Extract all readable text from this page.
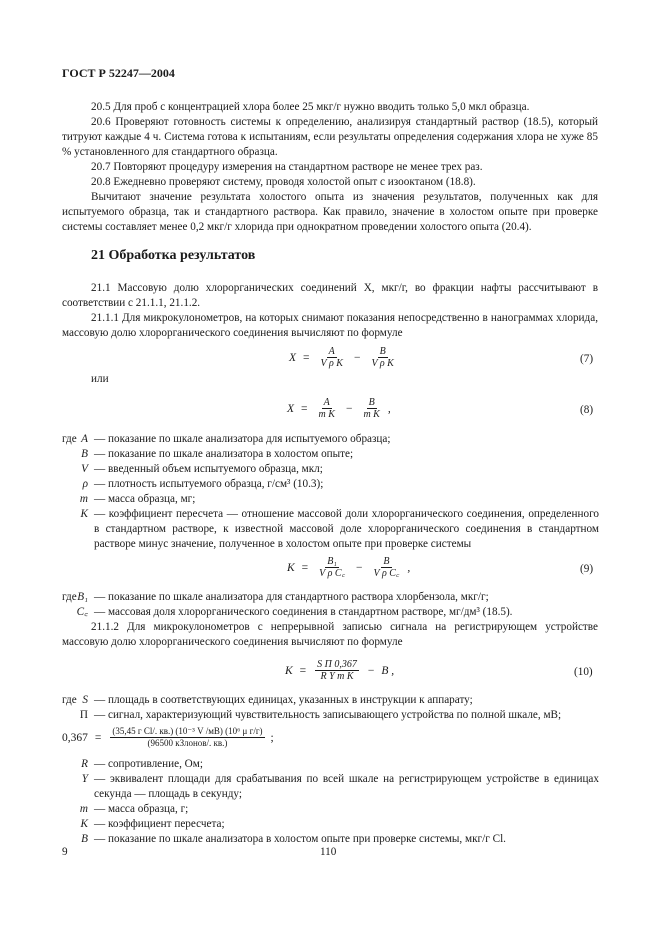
ГОСТ Р 52247—2004
20.5 Для проб с концентрацией хлора более 25 мкг/г нужно вводить только 5,0 мкл образца.
20.6 Проверяют готовность системы к определению, анализируя стандартный раствор (18.5), который титруют каждые 4 ч. Система готова к испытаниям, если результаты определения содержания хлора не хуже 85 % установленного для стандартного образца.
20.7 Повторяют процедуру измерения на стандартном растворе не менее трех раз.
20.8 Ежедневно проверяют систему, проводя холостой опыт с изооктаном (18.8).
Вычитают значение результата холостого опыта из значения результатов, полученных как для испытуемого образца, так и стандартного раствора. Как правило, значение в холостом опыте при проверке системы составляет менее 0,2 мкг/г хлорида при однократном проведении холостого опыта (20.4).
21 Обработка результатов
21.1 Массовую долю хлорорганических соединений X, мкг/г, во фракции нафты рассчитывают в соответствии с 21.1.1, 21.1.2.
21.1.1 Для микрокулонометров, на которых снимают показания непосредственно в нанограммах хлорида, массовую долю хлорорганического соединения вычисляют по формуле
$X = \frac{A}{\text{V ρ K}} - \frac{B}{\text{V ρ K}}$	(7)
или
$X = \frac{A}{\text{m K}} - \frac{B}{\text{m K}}$ ,	(8)
где A — показание по шкале анализатора для испытуемого образца;
B — показание по шкале анализатора в холостом опыте;
V — введенный объем испытуемого образца, мкл;
ρ — плотность испытуемого образца, г/см³ (10.3);
m — масса образца, мг;
K — коэффициент пересчета — отношение массовой доли хлорорганического соединения, определенного в стандартном растворе, к известной массовой доле хлорорганического соединения в стандартном растворе минус значение, полученное в холостом опыте при проверке системы
$K = \frac{\text{B₁}}{\text{V ρ C꜀}} - \frac{B}{\text{V ρ C꜀}}$ ,	(9)
где B₁ — показание по шкале анализатора для стандартного раствора хлорбензола, мкг/г;
C꜀ — массовая доля хлорорганического соединения в стандартном растворе, мг/дм³ (18.5).
21.1.2 Для микрокулонометров с непрерывной записью сигнала на регистрирующем устройстве массовую долю хлорорганического соединения вычисляют по формуле
$K = \frac{\text{S П 0,367}}{\text{R Y m K}} - B$ ,	(10)
где S — площадь в соответствующих единицах, указанных в инструкции к аппарату;
П — сигнал, характеризующий чувствительность записывающего устройства по полной шкале, мВ;
0,367 =	$\frac{\text{(35,45 г Cl/. кв.) (10⁻³ V /мВ) (10⁶ μ г/г)}}{\text{(96500 кЗлонов/. кв.)}}$ ;
R — сопротивление, Ом;
Y — эквивалент площади для срабатывания по всей шкале на регистрирующем устройстве в единицах секунда — площадь в секунду;
m — масса образца, г;
K — коэффициент пересчета;
B — показание по шкале анализатора в холостом опыте при проверке системы, мкг/г Cl.
9	110
